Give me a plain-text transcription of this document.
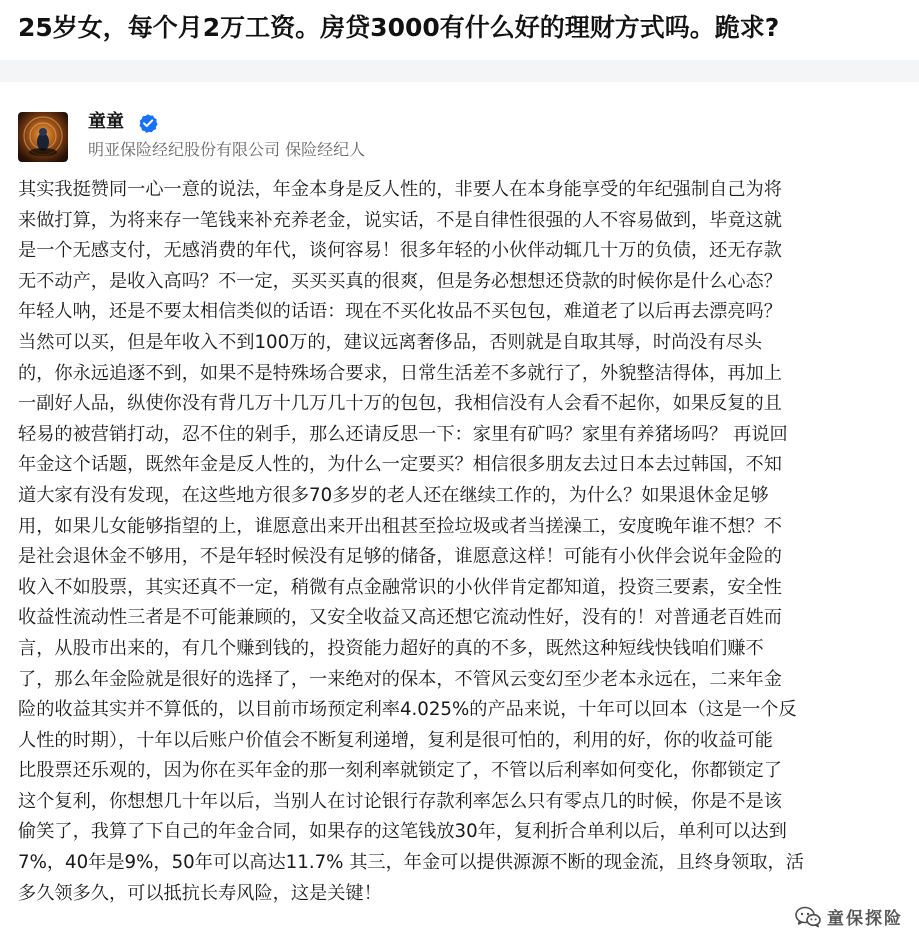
25岁女，每个月2万工资。房贷3000有什么好的理财方式吗。跪求?
童童
明亚保险经纪股份有限公司 保险经纪人
其实我挺赞同一心一意的说法，年金本身是反人性的，非要人在本身能享受的年纪强制自己为将
来做打算，为将来存一笔钱来补充养老金，说实话，不是自律性很强的人不容易做到，毕竟这就
是一个无感支付，无感消费的年代，谈何容易！很多年轻的小伙伴动辄几十万的负债，还无存款
无不动产，是收入高吗？不一定，买买买真的很爽，但是务必想想还贷款的时候你是什么心态？
年轻人呐，还是不要太相信类似的话语：现在不买化妆品不买包包，难道老了以后再去漂亮吗？
当然可以买，但是年收入不到100万的，建议远离奢侈品，否则就是自取其辱，时尚没有尽头
的，你永远追逐不到，如果不是特殊场合要求，日常生活差不多就行了，外貌整洁得体，再加上
一副好人品，纵使你没有背几万十几万几十万的包包，我相信没有人会看不起你，如果反复的且
轻易的被营销打动，忍不住的剁手，那么还请反思一下：家里有矿吗？家里有养猪场吗？ 再说回
年金这个话题，既然年金是反人性的，为什么一定要买？相信很多朋友去过日本去过韩国，不知
道大家有没有发现，在这些地方很多70多岁的老人还在继续工作的，为什么？如果退休金足够
用，如果儿女能够指望的上，谁愿意出来开出租甚至捡垃圾或者当搓澡工，安度晚年谁不想？不
是社会退休金不够用，不是年轻时候没有足够的储备，谁愿意这样！可能有小伙伴会说年金险的
收入不如股票，其实还真不一定，稍微有点金融常识的小伙伴肯定都知道，投资三要素，安全性
收益性流动性三者是不可能兼顾的，又安全收益又高还想它流动性好，没有的！对普通老百姓而
言，从股市出来的，有几个赚到钱的，投资能力超好的真的不多，既然这种短线快钱咱们赚不
了，那么年金险就是很好的选择了，一来绝对的保本，不管风云变幻至少老本永远在，二来年金
险的收益其实并不算低的，以目前市场预定利率4.025%的产品来说，十年可以回本（这是一个反
人性的时期），十年以后账户价值会不断复利递增，复利是很可怕的，利用的好，你的收益可能
比股票还乐观的，因为你在买年金的那一刻利率就锁定了，不管以后利率如何变化，你都锁定了
这个复利，你想想几十年以后，当别人在讨论银行存款利率怎么只有零点几的时候，你是不是该
偷笑了，我算了下自己的年金合同，如果存的这笔钱放30年，复利折合单利以后，单利可以达到
7%，40年是9%，50年可以高达11.7% 其三，年金可以提供源源不断的现金流，且终身领取，活
多久领多久，可以抵抗长寿风险，这是关键！
童保探险
